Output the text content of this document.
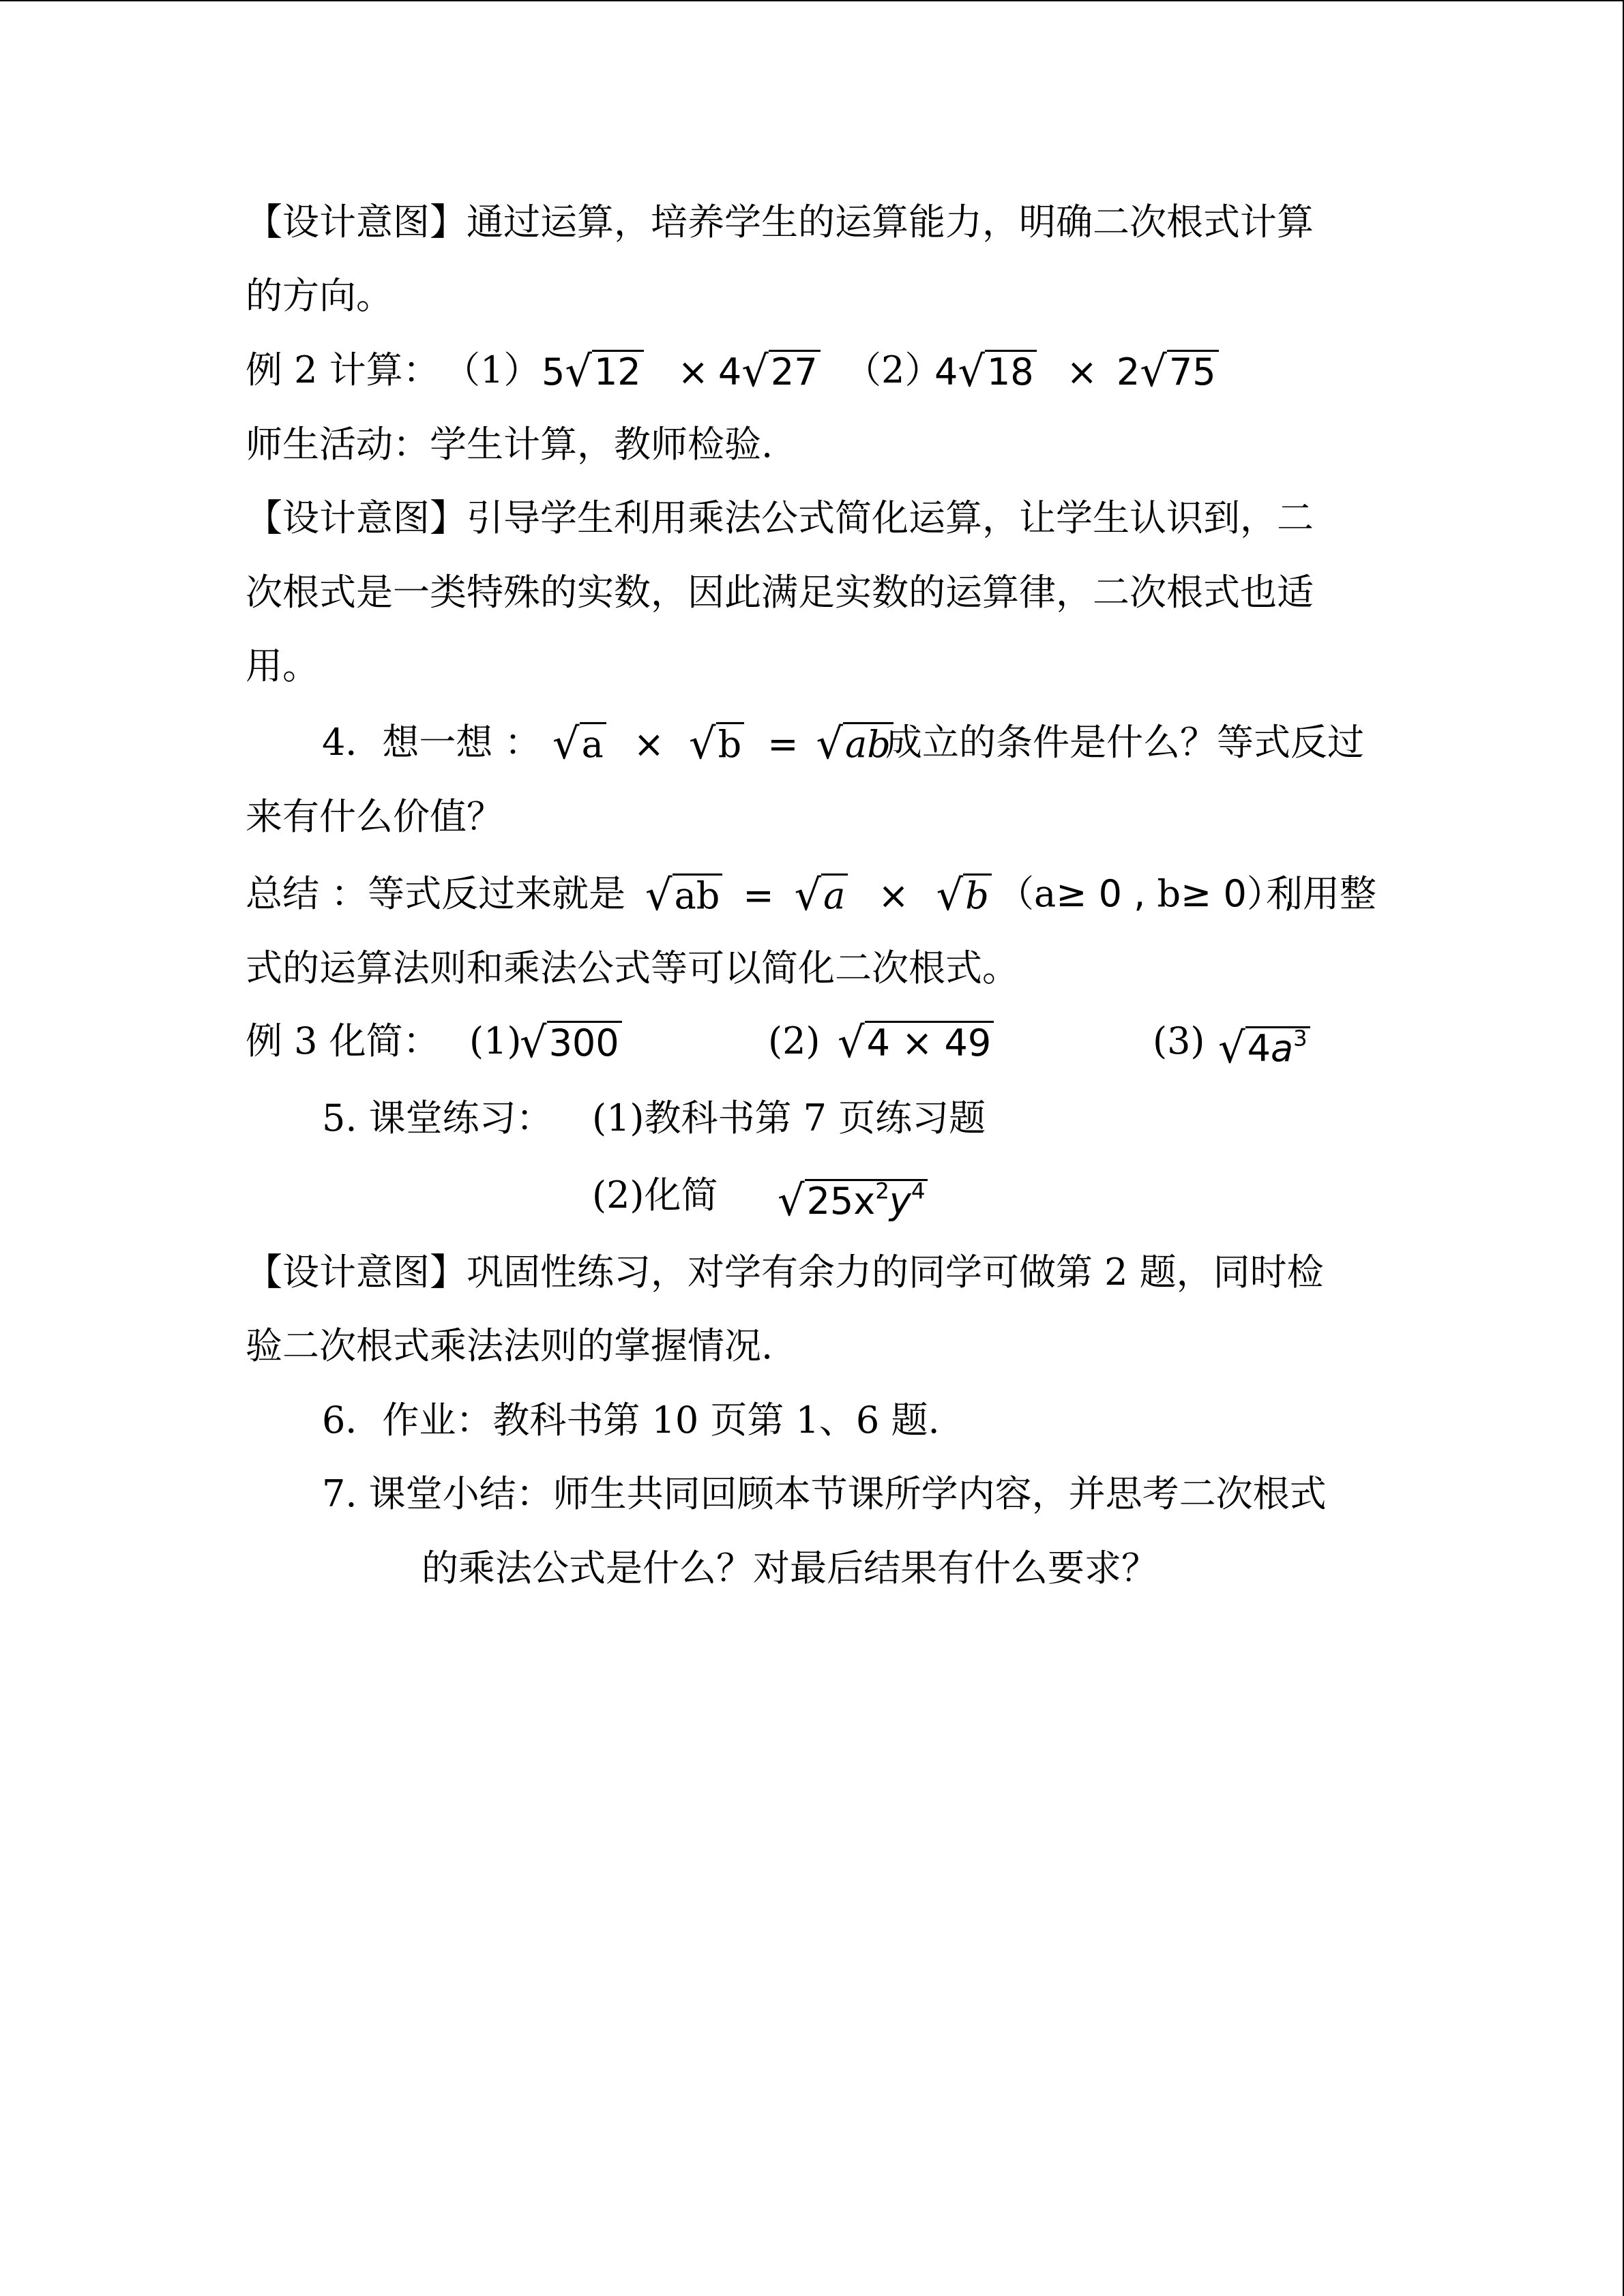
【设计意图】通过运算，培养学生的运算能力，明确二次根式计算
的方向。
例 2 计算： （1） 5√12 × 4√27 （2）
4√18 × 2√75
师生活动：学生计算，教师检验.
【设计意图】引导学生利用乘法公式简化运算，让学生认识到，二
次根式是一类特殊的实数，因此满足实数的运算律，二次根式也适
用。
4．想一想 ： √a × √b = √ab
成立的条件是什么？等式反过
来有什么价值？
总结 ：等式反过来就是 √ab = √a × √b （a≥ 0 , b≥ 0）,
利用整
式的运算法则和乘法公式等可以简化二次根式。
例 3 化简： (1)
√300	(2) √4 × 49	(3) $√4a^3$
5. 课堂练习： (1)教科书第 7 页练习题
(2)化简 $√25x^2y^4$
【设计意图】巩固性练习，对学有余力的同学可做第 2 题，同时检
验二次根式乘法法则的掌握情况.
6．作业：教科书第 10 页第 1、6 题.
7. 课堂小结：师生共同回顾本节课所学内容，并思考二次根式
的乘法公式是什么？对最后结果有什么要求？
